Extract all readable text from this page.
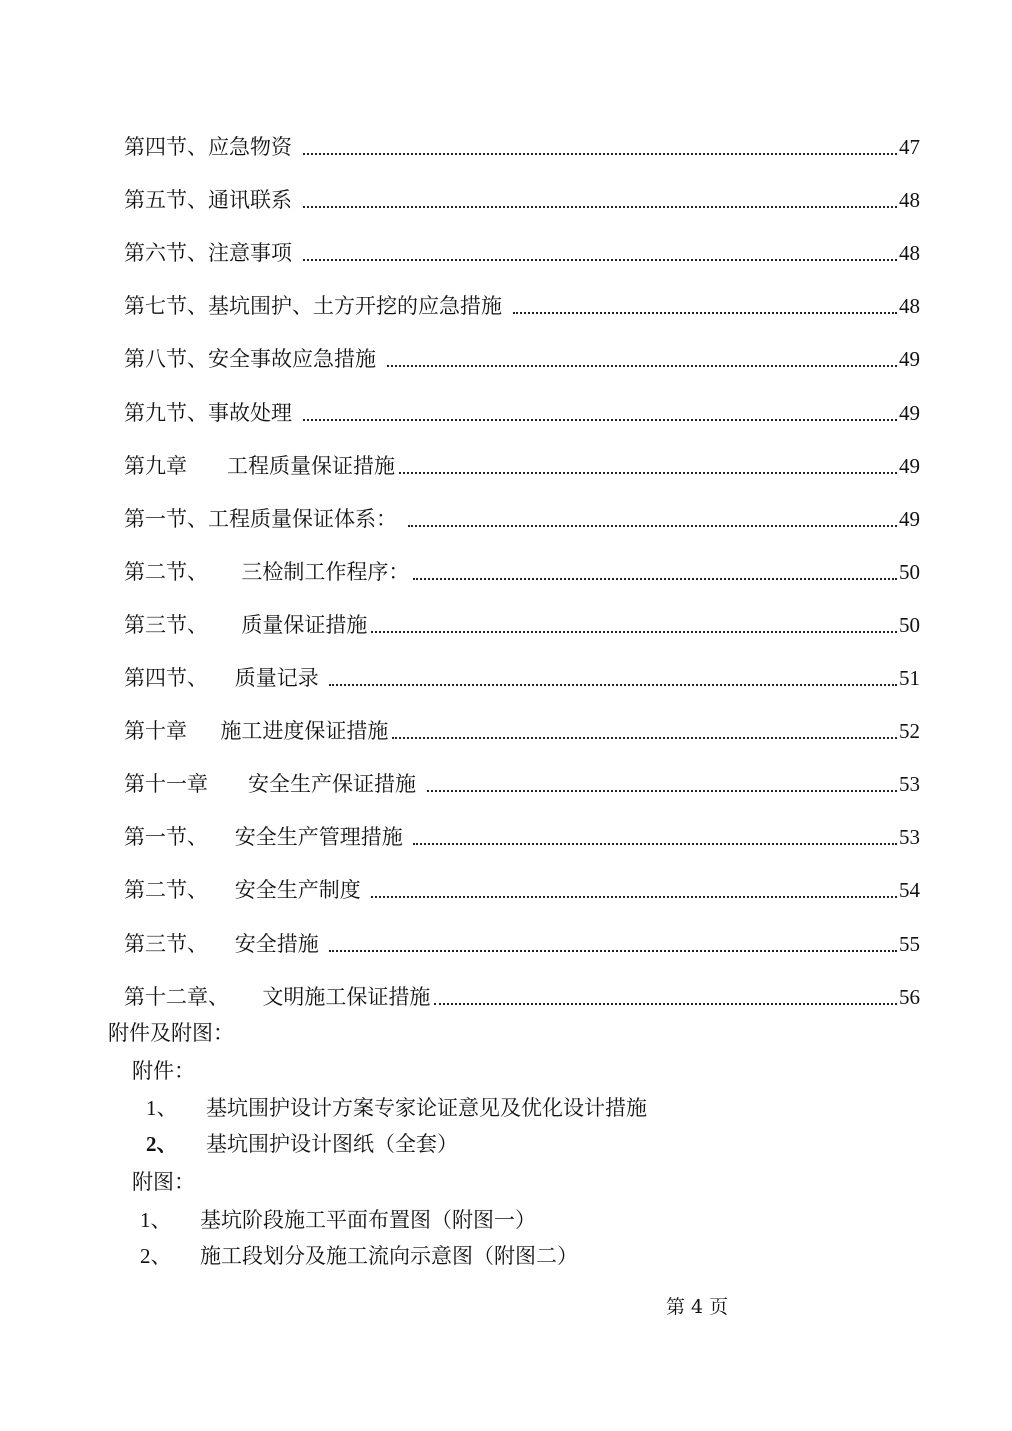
第四节、应急物资	47
第五节、通讯联系	48
第六节、注意事项	48
第七节、基坑围护、土方开挖的应急措施	48
第八节、安全事故应急措施	49
第九节、事故处理	49
第九章      工程质量保证措施	49
第一节、工程质量保证体系：	49
第二节、     三检制工作程序：	50
第三节、     质量保证措施	50
第四节、    质量记录	51
第十章     施工进度保证措施	52
第十一章      安全生产保证措施	53
第一节、    安全生产管理措施	53
第二节、    安全生产制度	54
第三节、    安全措施	55
第十二章、     文明施工保证措施	56
附件及附图：
附件：
1、	基坑围护设计方案专家论证意见及优化设计措施
2、	基坑围护设计图纸（全套）
附图：
1、	基坑阶段施工平面布置图（附图一）
2、	施工段划分及施工流向示意图（附图二）
第 4 页
